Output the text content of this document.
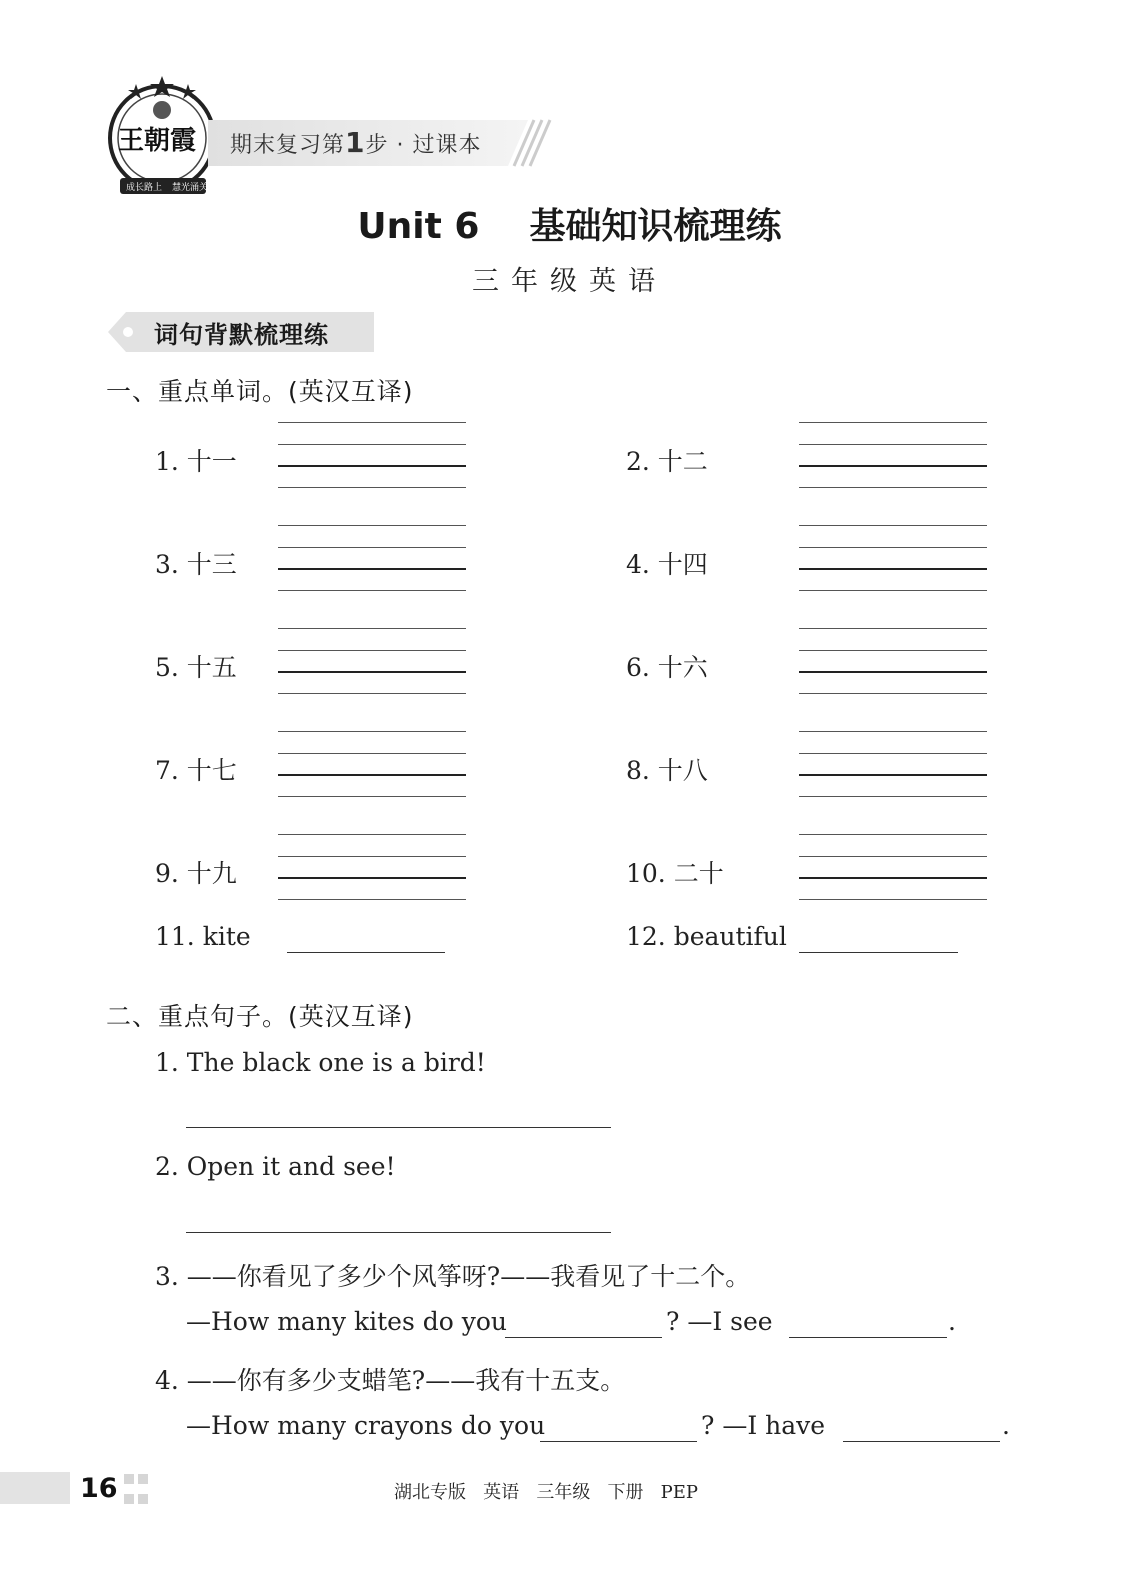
王朝霞
成长路上 慧光涌关
期末复习第1步 · 过课本
Unit 6    基础知识梳理练
三年级英语
词句背默梳理练
一、重点单词。(英汉互译)
1. 十一	2. 十二
3. 十三	4. 十四
5. 十五	6. 十六
7. 十七	8. 十八
9. 十九	10. 二十
11. kite	12. beautiful
二、重点句子。(英汉互译)
1. The black one is a bird!
2. Open it and see!
3. ——你看见了多少个风筝呀?——我看见了十二个。
—How many kites do you	? —I see	.
4. ——你有多少支蜡笔?——我有十五支。
—How many crayons do you	? —I have	.
16	湖北专版   英语   三年级   下册   PEP
